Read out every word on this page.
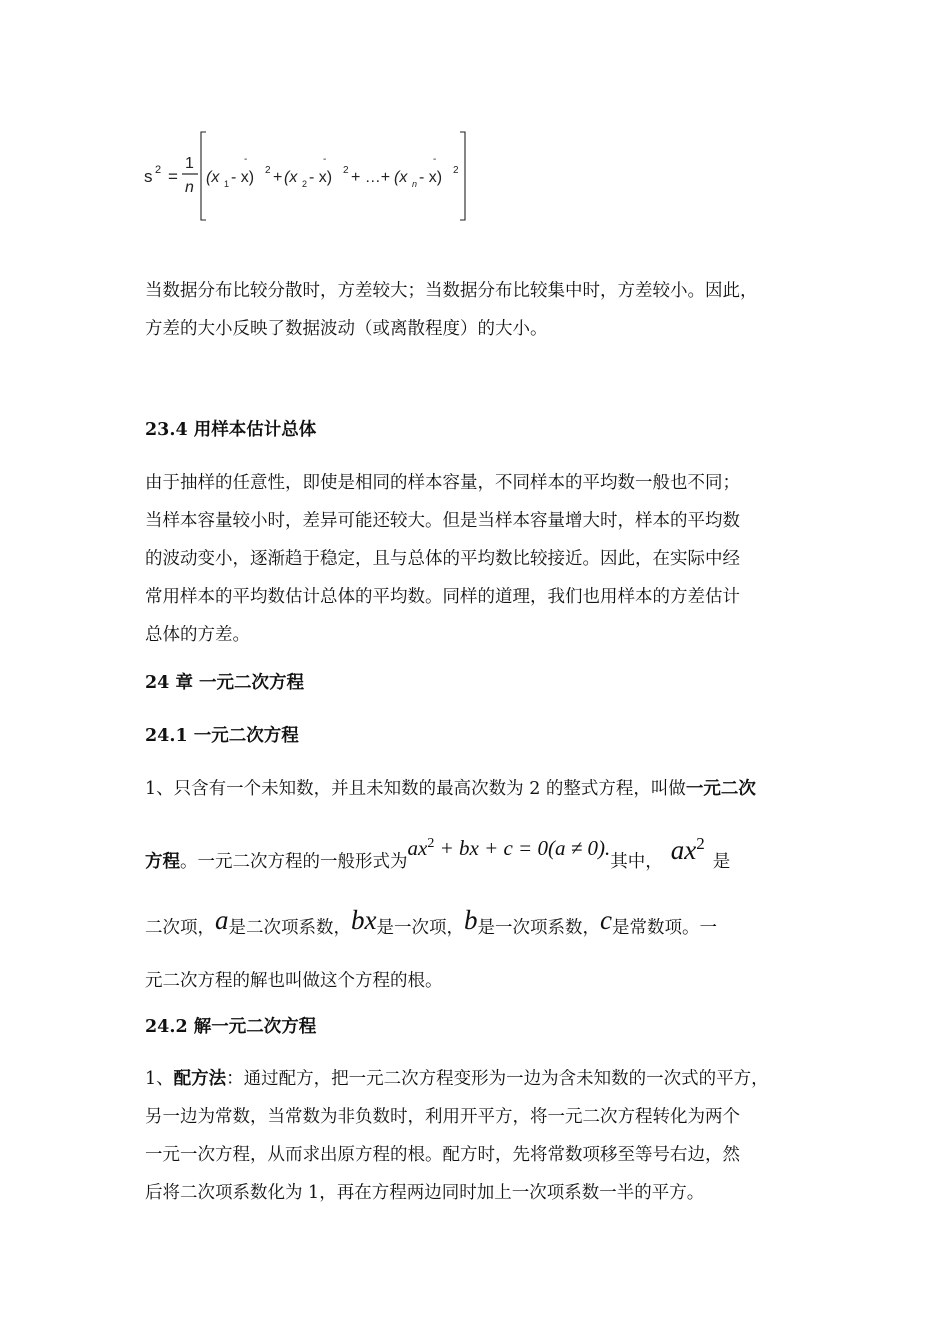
s 2 =
1
n
(x 1
-
- x) 2 + (x 2
-
- x) 2 + …+ (x n
-
- x) 2

当数据分布比较分散时，方差较大；当数据分布比较集中时，方差较小。因此，

方差的大小反映了数据波动（或离散程度）的大小。

23.4 用样本估计总体

由于抽样的任意性，即使是相同的样本容量，不同样本的平均数一般也不同；

当样本容量较小时，差异可能还较大。但是当样本容量增大时，样本的平均数

的波动变小，逐渐趋于稳定，且与总体的平均数比较接近。因此，在实际中经

常用样本的平均数估计总体的平均数。同样的道理，我们也用样本的方差估计

总体的方差。

24 章 一元二次方程

24.1 一元二次方程

1、只含有一个未知数，并且未知数的最高次数为 2 的整式方程，叫做一元二次

方程。一元二次方程的一般形式为$ax^2$ + bx + c = 0(a ≠ 0).其中， $ax^2$是

二次项，a是二次项系数，bx是一次项，b是一次项系数，c是常数项。一

元二次方程的解也叫做这个方程的根。

24.2 解一元二次方程

1、配方法：通过配方，把一元二次方程变形为一边为含未知数的一次式的平方，

另一边为常数，当常数为非负数时，利用开平方，将一元二次方程转化为两个

一元一次方程，从而求出原方程的根。配方时，先将常数项移至等号右边，然

后将二次项系数化为 1，再在方程两边同时加上一次项系数一半的平方。
